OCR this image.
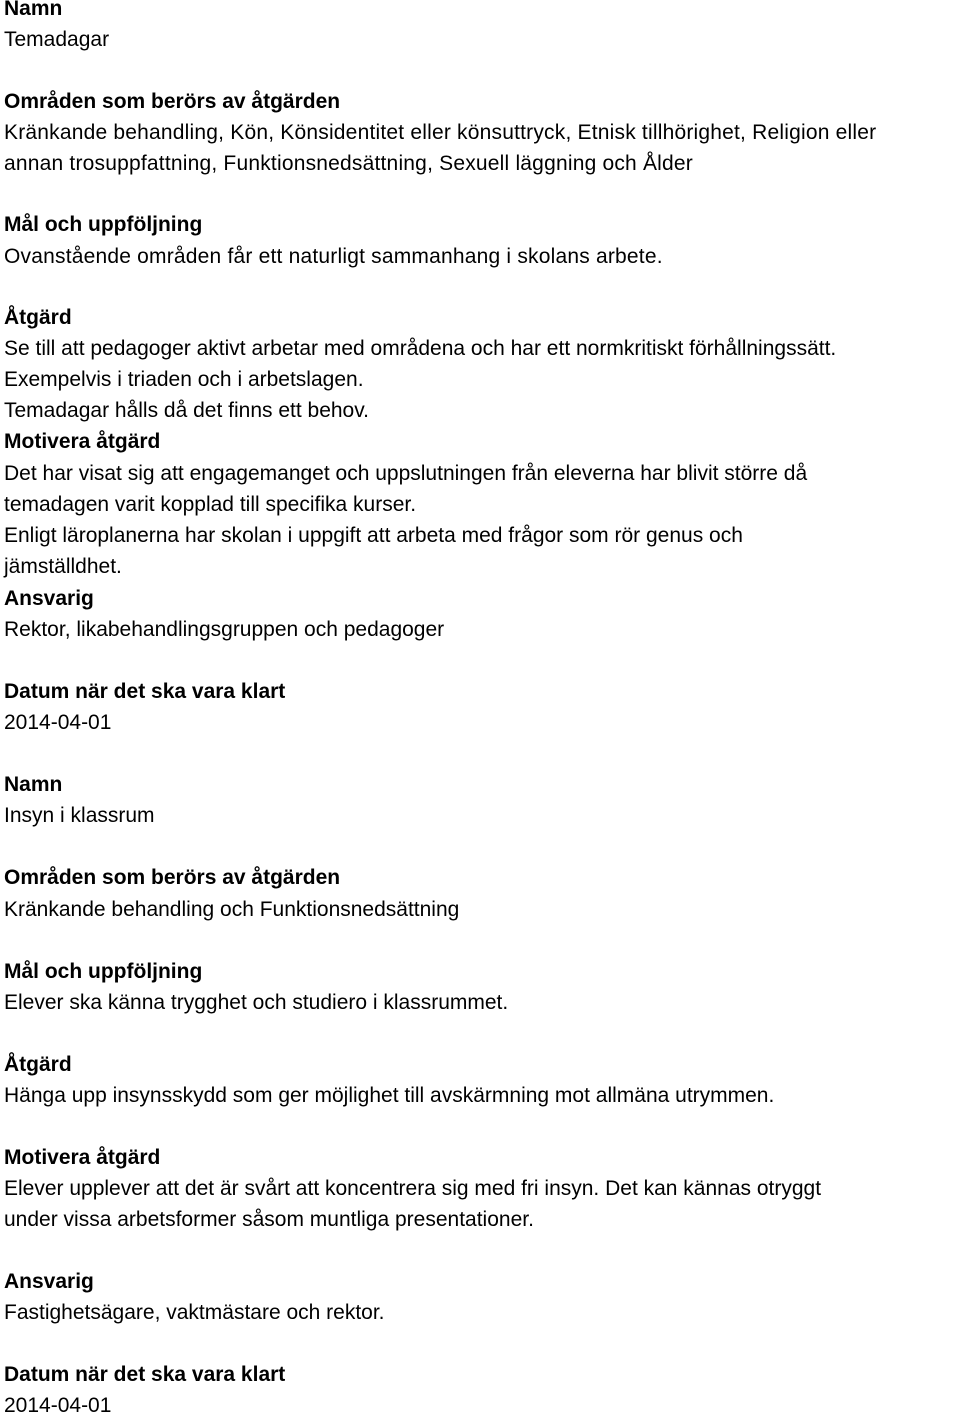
Namn
Temadagar
Områden som berörs av åtgärden
Kränkande behandling, Kön, Könsidentitet eller könsuttryck, Etnisk tillhörighet, Religion eller
annan trosuppfattning, Funktionsnedsättning, Sexuell läggning och Ålder
Mål och uppföljning
Ovanstående områden får ett naturligt sammanhang i skolans arbete.
Åtgärd
Se till att pedagoger aktivt arbetar med områdena och har ett normkritiskt förhållningssätt.
Exempelvis i triaden och i arbetslagen.
Temadagar hålls då det finns ett behov.
Motivera åtgärd
Det har visat sig att engagemanget och uppslutningen från eleverna har blivit större då
temadagen varit kopplad till specifika kurser.
Enligt läroplanerna har skolan i uppgift att arbeta med frågor som rör genus och
jämställdhet.
Ansvarig
Rektor, likabehandlingsgruppen och pedagoger
Datum när det ska vara klart
2014-04-01
Namn
Insyn i klassrum
Områden som berörs av åtgärden
Kränkande behandling och Funktionsnedsättning
Mål och uppföljning
Elever ska känna trygghet och studiero i klassrummet.
Åtgärd
Hänga upp insynsskydd som ger möjlighet till avskärmning mot allmäna utrymmen.
Motivera åtgärd
Elever upplever att det är svårt att koncentrera sig med fri insyn. Det kan kännas otryggt
under vissa arbetsformer såsom muntliga presentationer.
Ansvarig
Fastighetsägare, vaktmästare och rektor.
Datum när det ska vara klart
2014-04-01
